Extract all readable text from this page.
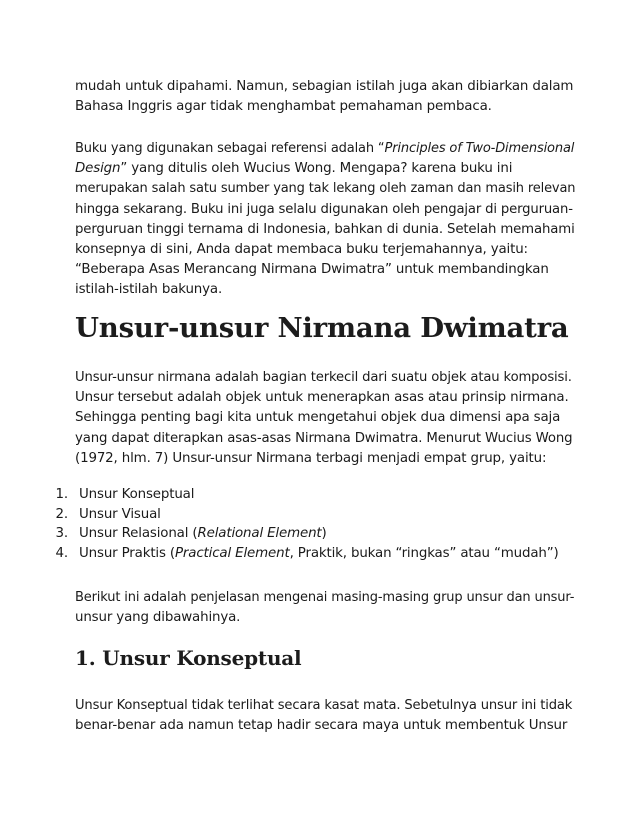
mudah untuk dipahami. Namun, sebagian istilah juga akan dibiarkan dalam
Bahasa Inggris agar tidak menghambat pemahaman pembaca.

Buku yang digunakan sebagai referensi adalah “Principles of Two-Dimensional
Design” yang ditulis oleh Wucius Wong. Mengapa? karena buku ini
merupakan salah satu sumber yang tak lekang oleh zaman dan masih relevan
hingga sekarang. Buku ini juga selalu digunakan oleh pengajar di perguruan-
perguruan tinggi ternama di Indonesia, bahkan di dunia. Setelah memahami
konsepnya di sini, Anda dapat membaca buku terjemahannya, yaitu:
“Beberapa Asas Merancang Nirmana Dwimatra” untuk membandingkan
istilah-istilah bakunya.

Unsur-unsur Nirmana Dwimatra

Unsur-unsur nirmana adalah bagian terkecil dari suatu objek atau komposisi.
Unsur tersebut adalah objek untuk menerapkan asas atau prinsip nirmana.
Sehingga penting bagi kita untuk mengetahui objek dua dimensi apa saja
yang dapat diterapkan asas-asas Nirmana Dwimatra. Menurut Wucius Wong
(1972, hlm. 7) Unsur-unsur Nirmana terbagi menjadi empat grup, yaitu:

1. Unsur Konseptual
2. Unsur Visual
3. Unsur Relasional (Relational Element)
4. Unsur Praktis (Practical Element, Praktik, bukan “ringkas” atau “mudah”)

Berikut ini adalah penjelasan mengenai masing-masing grup unsur dan unsur-
unsur yang dibawahinya.

1. Unsur Konseptual

Unsur Konseptual tidak terlihat secara kasat mata. Sebetulnya unsur ini tidak
benar-benar ada namun tetap hadir secara maya untuk membentuk Unsur
